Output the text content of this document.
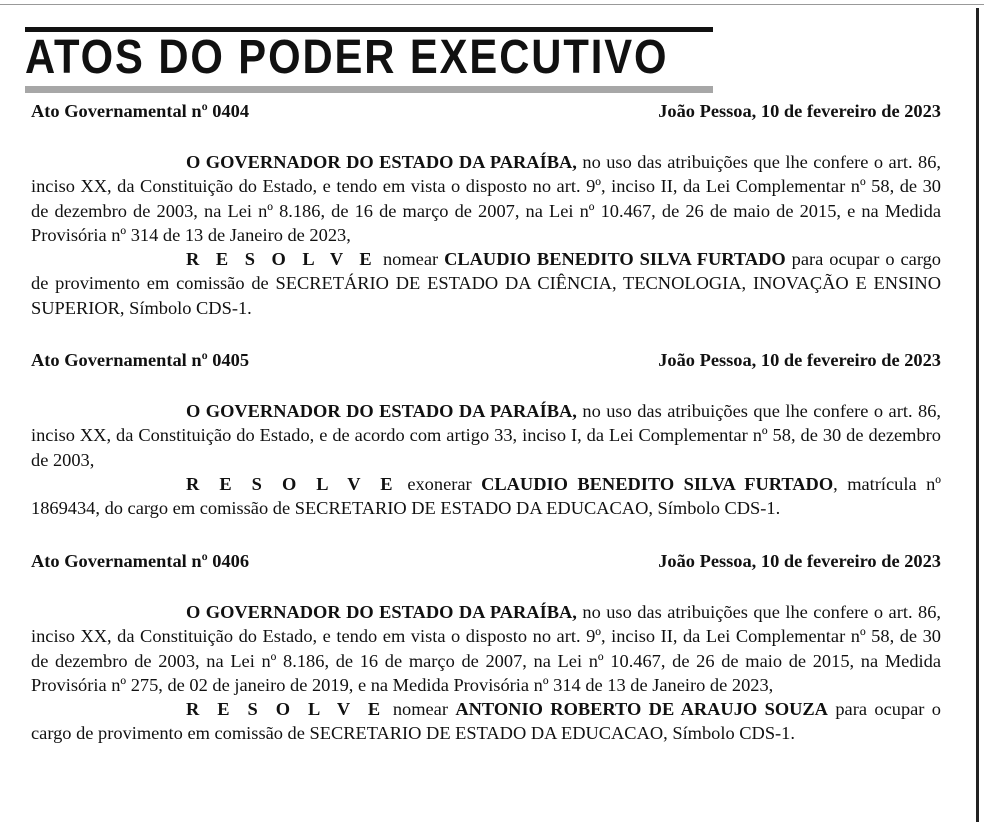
ATOS DO PODER EXECUTIVO
Ato Governamental nº 0404	João Pessoa, 10 de fevereiro de 2023
O GOVERNADOR DO ESTADO DA PARAÍBA, no uso das atribuições que lhe confere o art. 86, inciso XX, da Constituição do Estado, e tendo em vista o disposto no art. 9º, inciso II, da Lei Complementar nº 58, de 30 de dezembro de 2003, na Lei nº 8.186, de 16 de março de 2007, na Lei nº 10.467, de 26 de maio de 2015, e na Medida Provisória nº 314 de 13 de Janeiro de 2023,
R E S O L V E nomear CLAUDIO BENEDITO SILVA FURTADO para ocupar o cargo de provimento em comissão de SECRETÁRIO DE ESTADO DA CIÊNCIA, TECNOLOGIA, INOVAÇÃO E ENSINO SUPERIOR, Símbolo CDS-1.
Ato Governamental nº 0405	João Pessoa, 10 de fevereiro de 2023
O GOVERNADOR DO ESTADO DA PARAÍBA, no uso das atribuições que lhe confere o art. 86, inciso XX, da Constituição do Estado, e de acordo com artigo 33, inciso I, da Lei Complementar nº 58, de 30 de dezembro de 2003,
R E S O L V E exonerar CLAUDIO BENEDITO SILVA FURTADO, matrícula nº 1869434, do cargo em comissão de SECRETARIO DE ESTADO DA EDUCACAO, Símbolo CDS-1.
Ato Governamental nº 0406	João Pessoa, 10 de fevereiro de 2023
O GOVERNADOR DO ESTADO DA PARAÍBA, no uso das atribuições que lhe confere o art. 86, inciso XX, da Constituição do Estado, e tendo em vista o disposto no art. 9º, inciso II, da Lei Complementar nº 58, de 30 de dezembro de 2003, na Lei nº 8.186, de 16 de março de 2007, na Lei nº 10.467, de 26 de maio de 2015, na Medida Provisória nº 275, de 02 de janeiro de 2019, e na Medida Provisória nº 314 de 13 de Janeiro de 2023,
R E S O L V E nomear ANTONIO ROBERTO DE ARAUJO SOUZA para ocupar o cargo de provimento em comissão de SECRETARIO DE ESTADO DA EDUCACAO, Símbolo CDS-1.
